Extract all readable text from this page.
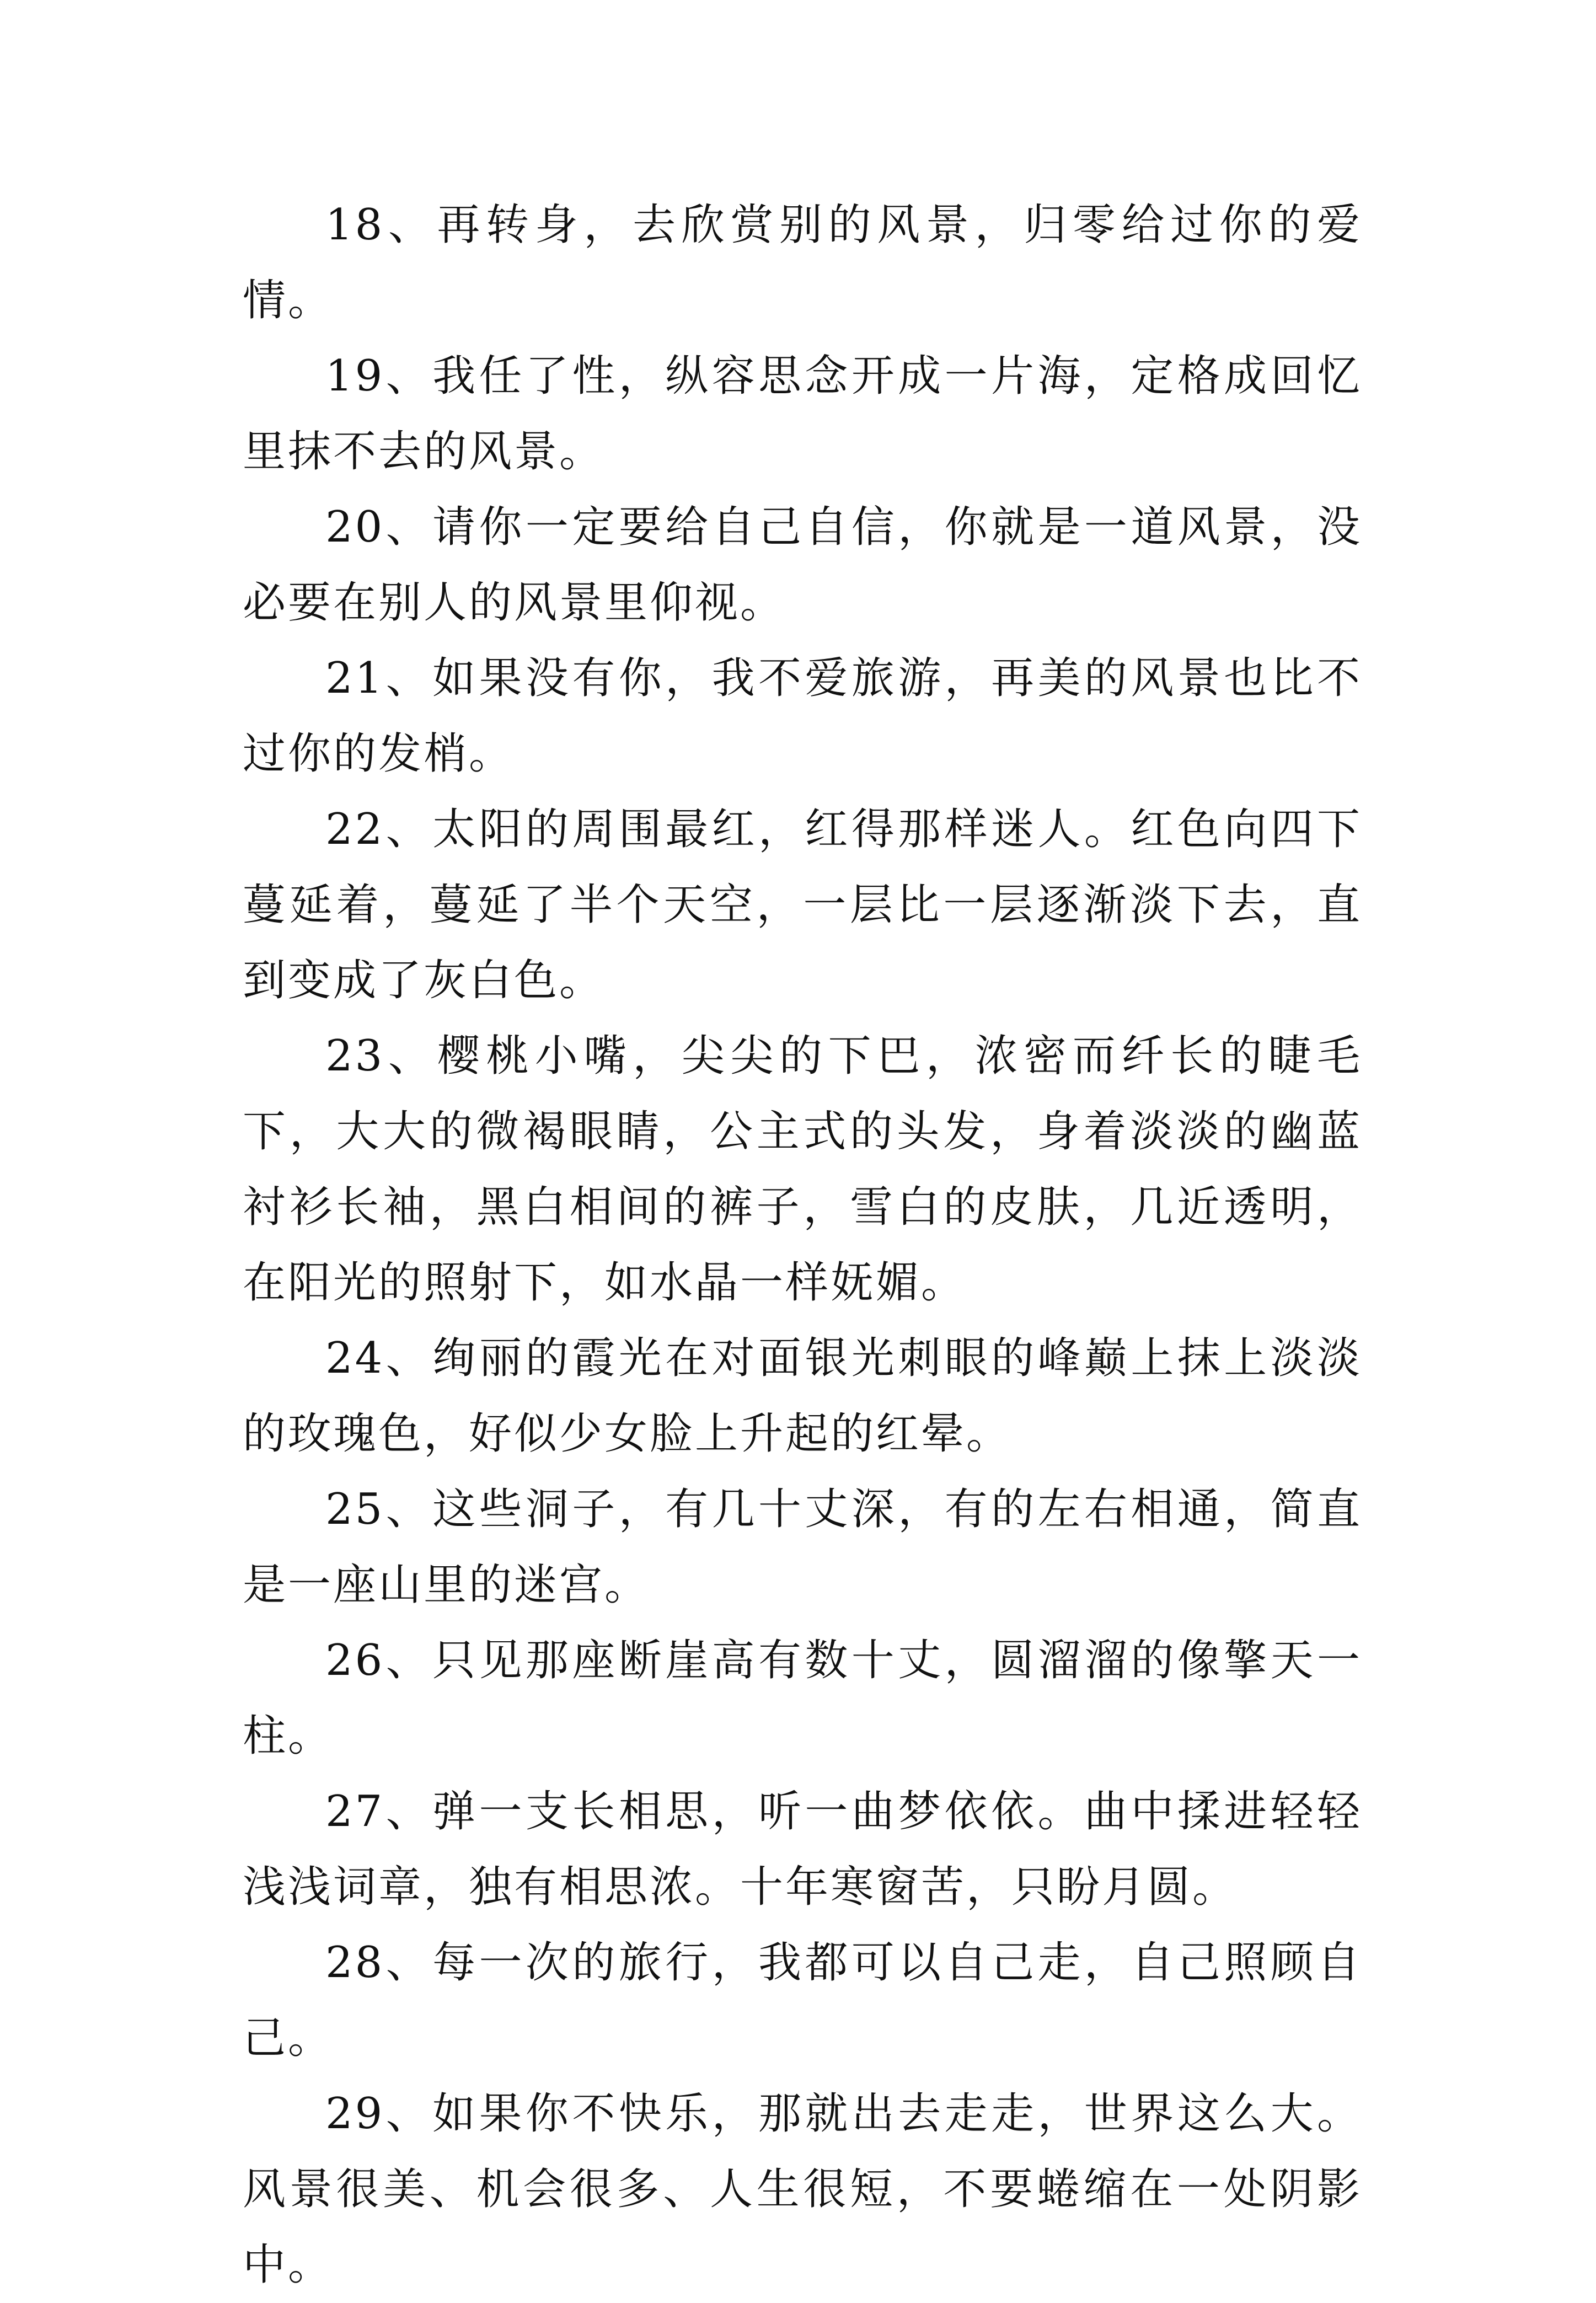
18、再转身，去欣赏别的风景，归零给过你的爱情。

19、我任了性，纵容思念开成一片海，定格成回忆里抹不去的风景。

20、请你一定要给自己自信，你就是一道风景，没必要在别人的风景里仰视。

21、如果没有你，我不爱旅游，再美的风景也比不过你的发梢。

22、太阳的周围最红，红得那样迷人。红色向四下蔓延着，蔓延了半个天空，一层比一层逐渐淡下去，直到变成了灰白色。

23、樱桃小嘴，尖尖的下巴，浓密而纤长的睫毛下，大大的微褐眼睛，公主式的头发，身着淡淡的幽蓝衬衫长袖，黑白相间的裤子，雪白的皮肤，几近透明，在阳光的照射下，如水晶一样妩媚。

24、绚丽的霞光在对面银光刺眼的峰巅上抹上淡淡的玫瑰色，好似少女脸上升起的红晕。

25、这些洞子，有几十丈深，有的左右相通，简直是一座山里的迷宫。

26、只见那座断崖高有数十丈，圆溜溜的像擎天一柱。

27、弹一支长相思，听一曲梦依依。曲中揉进轻轻浅浅词章，独有相思浓。十年寒窗苦，只盼月圆。

28、每一次的旅行，我都可以自己走，自己照顾自己。

29、如果你不快乐，那就出去走走，世界这么大。风景很美、机会很多、人生很短，不要蜷缩在一处阴影中。
